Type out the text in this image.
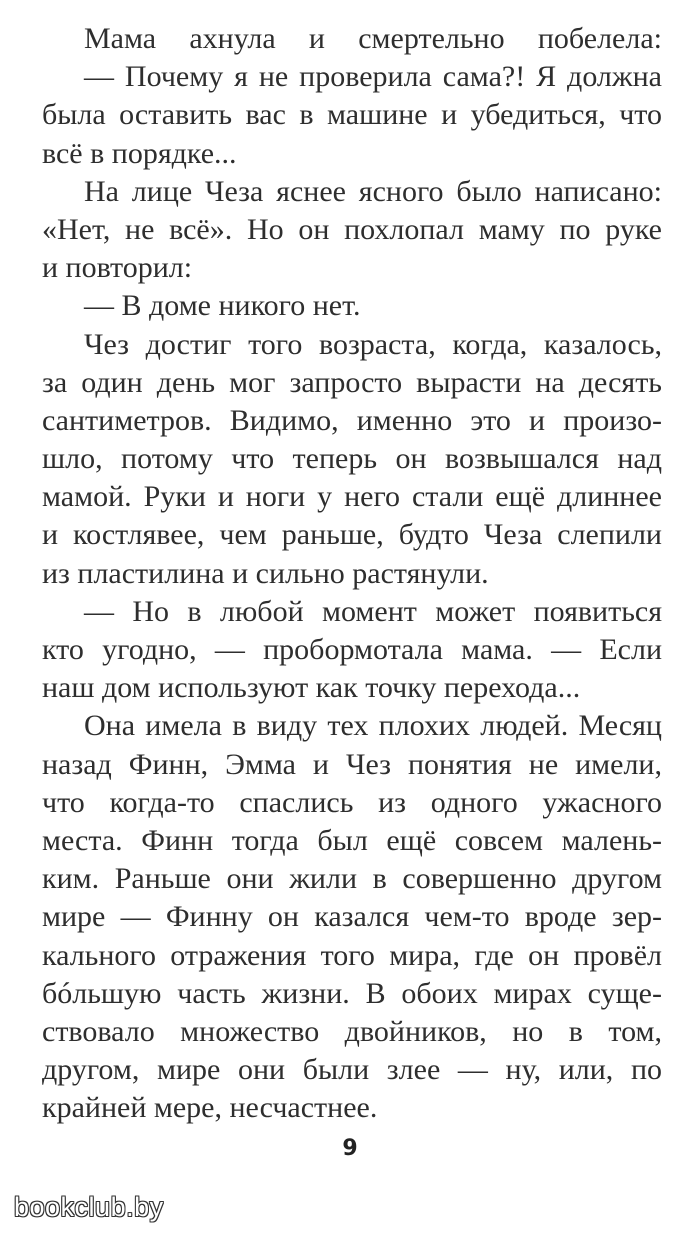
Мама ахнула и смертельно побелела:
— Почему я не проверила сама?! Я должна
была оставить вас в машине и убедиться, что
всё в порядке...
На лице Чеза яснее ясного было написано:
«Нет, не всё». Но он похлопал маму по руке
и повторил:
— В доме никого нет.
Чез достиг того возраста, когда, казалось,
за один день мог запросто вырасти на десять
сантиметров. Видимо, именно это и произо-
шло, потому что теперь он возвышался над
мамой. Руки и ноги у него стали ещё длиннее
и костлявее, чем раньше, будто Чеза слепили
из пластилина и сильно растянули.
— Но в любой момент может появиться
кто угодно, — пробормотала мама. — Если
наш дом используют как точку перехода...
Она имела в виду тех плохих людей. Месяц
назад Финн, Эмма и Чез понятия не имели,
что когда-то спаслись из одного ужасного
места. Финн тогда был ещё совсем малень-
ким. Раньше они жили в совершенно другом
мире — Финну он казался чем-то вроде зер-
кального отражения того мира, где он провёл
бóльшую часть жизни. В обоих мирах суще-
ствовало множество двойников, но в том,
другом, мире они были злее — ну, или, по
крайней мере, несчастнее.
9
bookclub.by
